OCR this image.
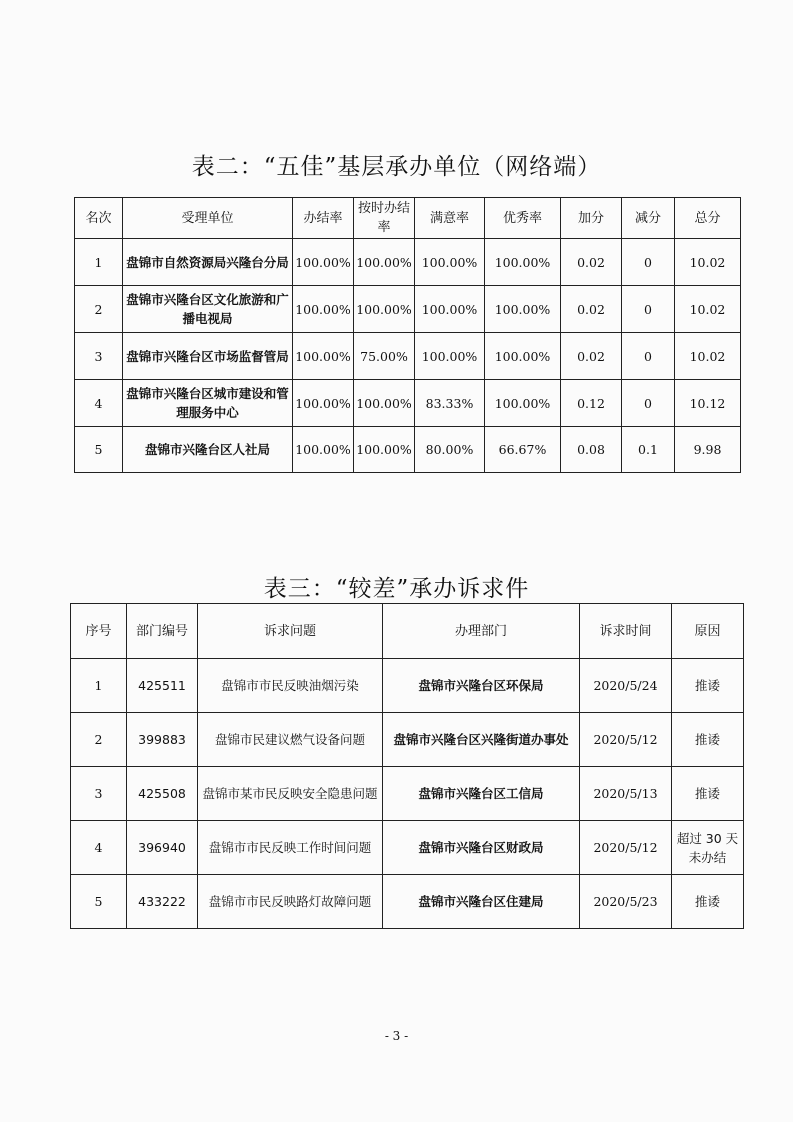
表二：“五佳”基层承办单位（网络端）
名次	受理单位	办结率	按时办结率	满意率	优秀率	加分	减分	总分
1	盘锦市自然资源局兴隆台分局	100.00%	100.00%	100.00%	100.00%	0.02	0	10.02
2	盘锦市兴隆台区文化旅游和广播电视局	100.00%	100.00%	100.00%	100.00%	0.02	0	10.02
3	盘锦市兴隆台区市场监督管局	100.00%	75.00%	100.00%	100.00%	0.02	0	10.02
4	盘锦市兴隆台区城市建设和管理服务中心	100.00%	100.00%	83.33%	100.00%	0.12	0	10.12
5	盘锦市兴隆台区人社局	100.00%	100.00%	80.00%	66.67%	0.08	0.1	9.98
表三：“较差”承办诉求件
序号	部门编号	诉求问题	办理部门	诉求时间	原因
1	425511	盘锦市市民反映油烟污染	盘锦市兴隆台区环保局	2020/5/24	推诿
2	399883	盘锦市民建议燃气设备问题	盘锦市兴隆台区兴隆街道办事处	2020/5/12	推诿
3	425508	盘锦市某市民反映安全隐患问题	盘锦市兴隆台区工信局	2020/5/13	推诿
4	396940	盘锦市市民反映工作时间问题	盘锦市兴隆台区财政局	2020/5/12	超过 30 天未办结
5	433222	盘锦市市民反映路灯故障问题	盘锦市兴隆台区住建局	2020/5/23	推诿
- 3 -
